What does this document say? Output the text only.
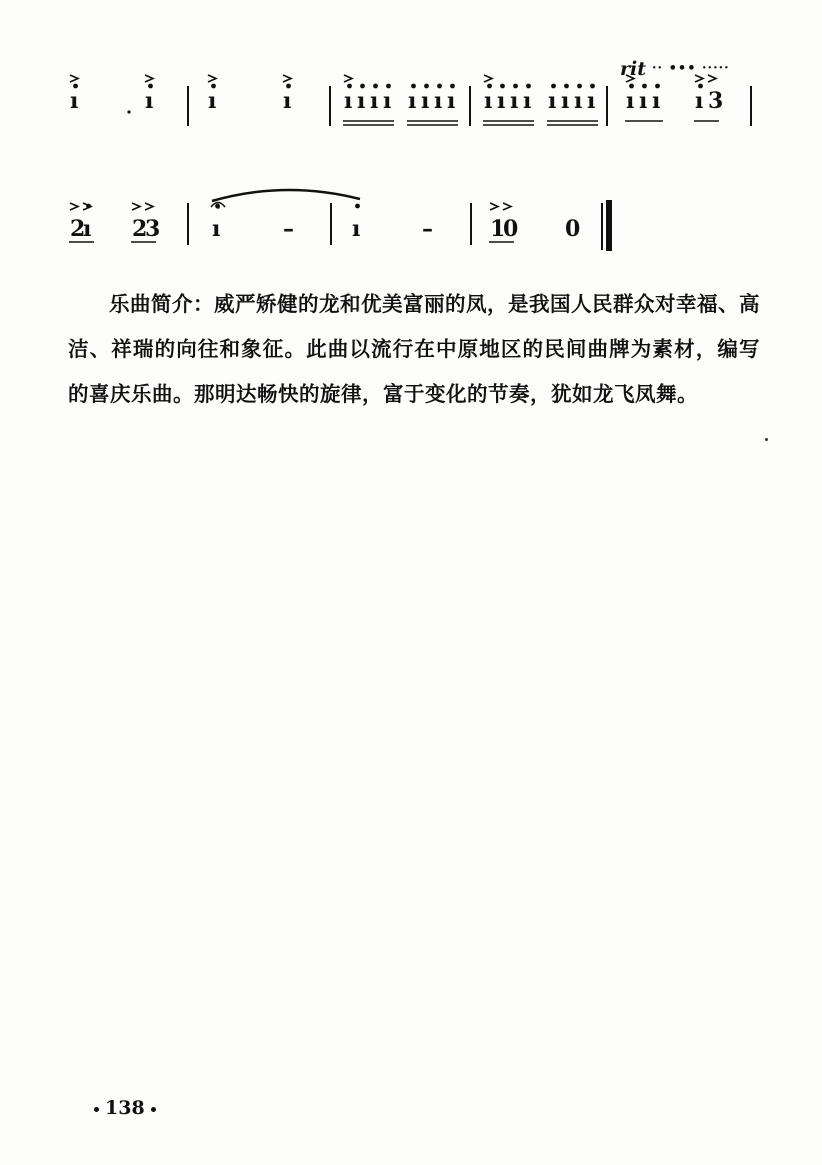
rit ·· ••• ·····
ı	ı ı	ı ı ı ı ı ı ı ı ı ı ı ı ı ı ı ı ı ı ı ı ı 3
2
ı 2
3 ı	–	ı	–	1
0 0

乐曲简介：威严矫健的龙和优美富丽的凤，是我国人民群众对幸福、高洁、祥瑞的向往和象征。此曲以流行在中原地区的民间曲牌为素材，编写的喜庆乐曲。那明达畅快的旋律，富于变化的节奏，犹如龙飞凤舞。

138
